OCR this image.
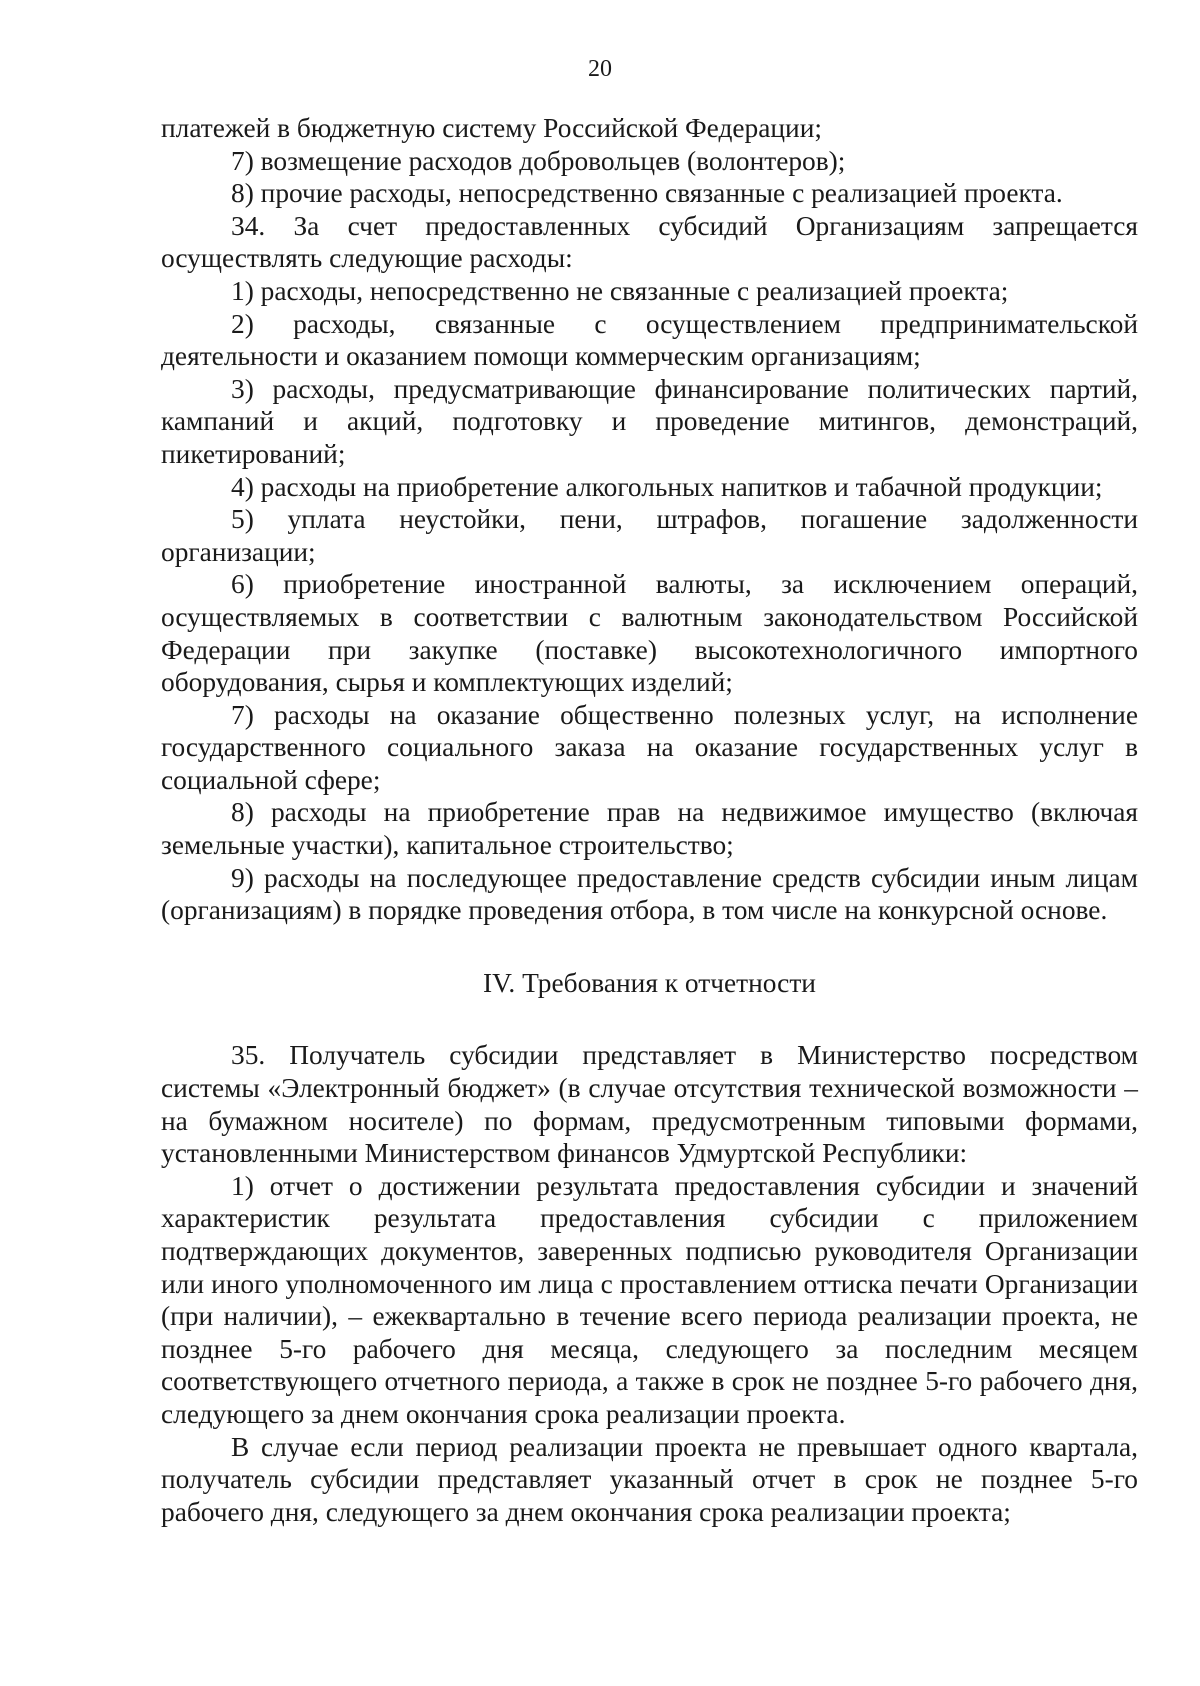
20

платежей в бюджетную систему Российской Федерации;

7) возмещение расходов добровольцев (волонтеров);

8) прочие расходы, непосредственно связанные с реализацией проекта.

34. За счет предоставленных субсидий Организациям запрещается осуществлять следующие расходы:

1) расходы, непосредственно не связанные с реализацией проекта;

2) расходы, связанные с осуществлением предпринимательской деятельности и оказанием помощи коммерческим организациям;

3) расходы, предусматривающие финансирование политических партий, кампаний и акций, подготовку и проведение митингов, демонстраций, пикетирований;

4) расходы на приобретение алкогольных напитков и табачной продукции;

5) уплата неустойки, пени, штрафов, погашение задолженности организации;

6) приобретение иностранной валюты, за исключением операций, осуществляемых в соответствии с валютным законодательством Российской Федерации при закупке (поставке) высокотехнологичного импортного оборудования, сырья и комплектующих изделий;

7) расходы на оказание общественно полезных услуг, на исполнение государственного социального заказа на оказание государственных услуг в социальной сфере;

8) расходы на приобретение прав на недвижимое имущество (включая земельные участки), капитальное строительство;

9) расходы на последующее предоставление средств субсидии иным лицам (организациям) в порядке проведения отбора, в том числе на конкурсной основе.

IV. Требования к отчетности

35. Получатель субсидии представляет в Министерство посредством системы «Электронный бюджет» (в случае отсутствия технической возможности – на бумажном носителе) по формам, предусмотренным типовыми формами, установленными Министерством финансов Удмуртской Республики:

1) отчет о достижении результата предоставления субсидии и значений характеристик результата предоставления субсидии с приложением подтверждающих документов, заверенных подписью руководителя Организации или иного уполномоченного им лица с проставлением оттиска печати Организации (при наличии), – ежеквартально в течение всего периода реализации проекта, не позднее 5-го рабочего дня месяца, следующего за последним месяцем соответствующего отчетного периода, а также в срок не позднее 5-го рабочего дня, следующего за днем окончания срока реализации проекта.

В случае если период реализации проекта не превышает одного квартала, получатель субсидии представляет указанный отчет в срок не позднее 5-го рабочего дня, следующего за днем окончания срока реализации проекта;
